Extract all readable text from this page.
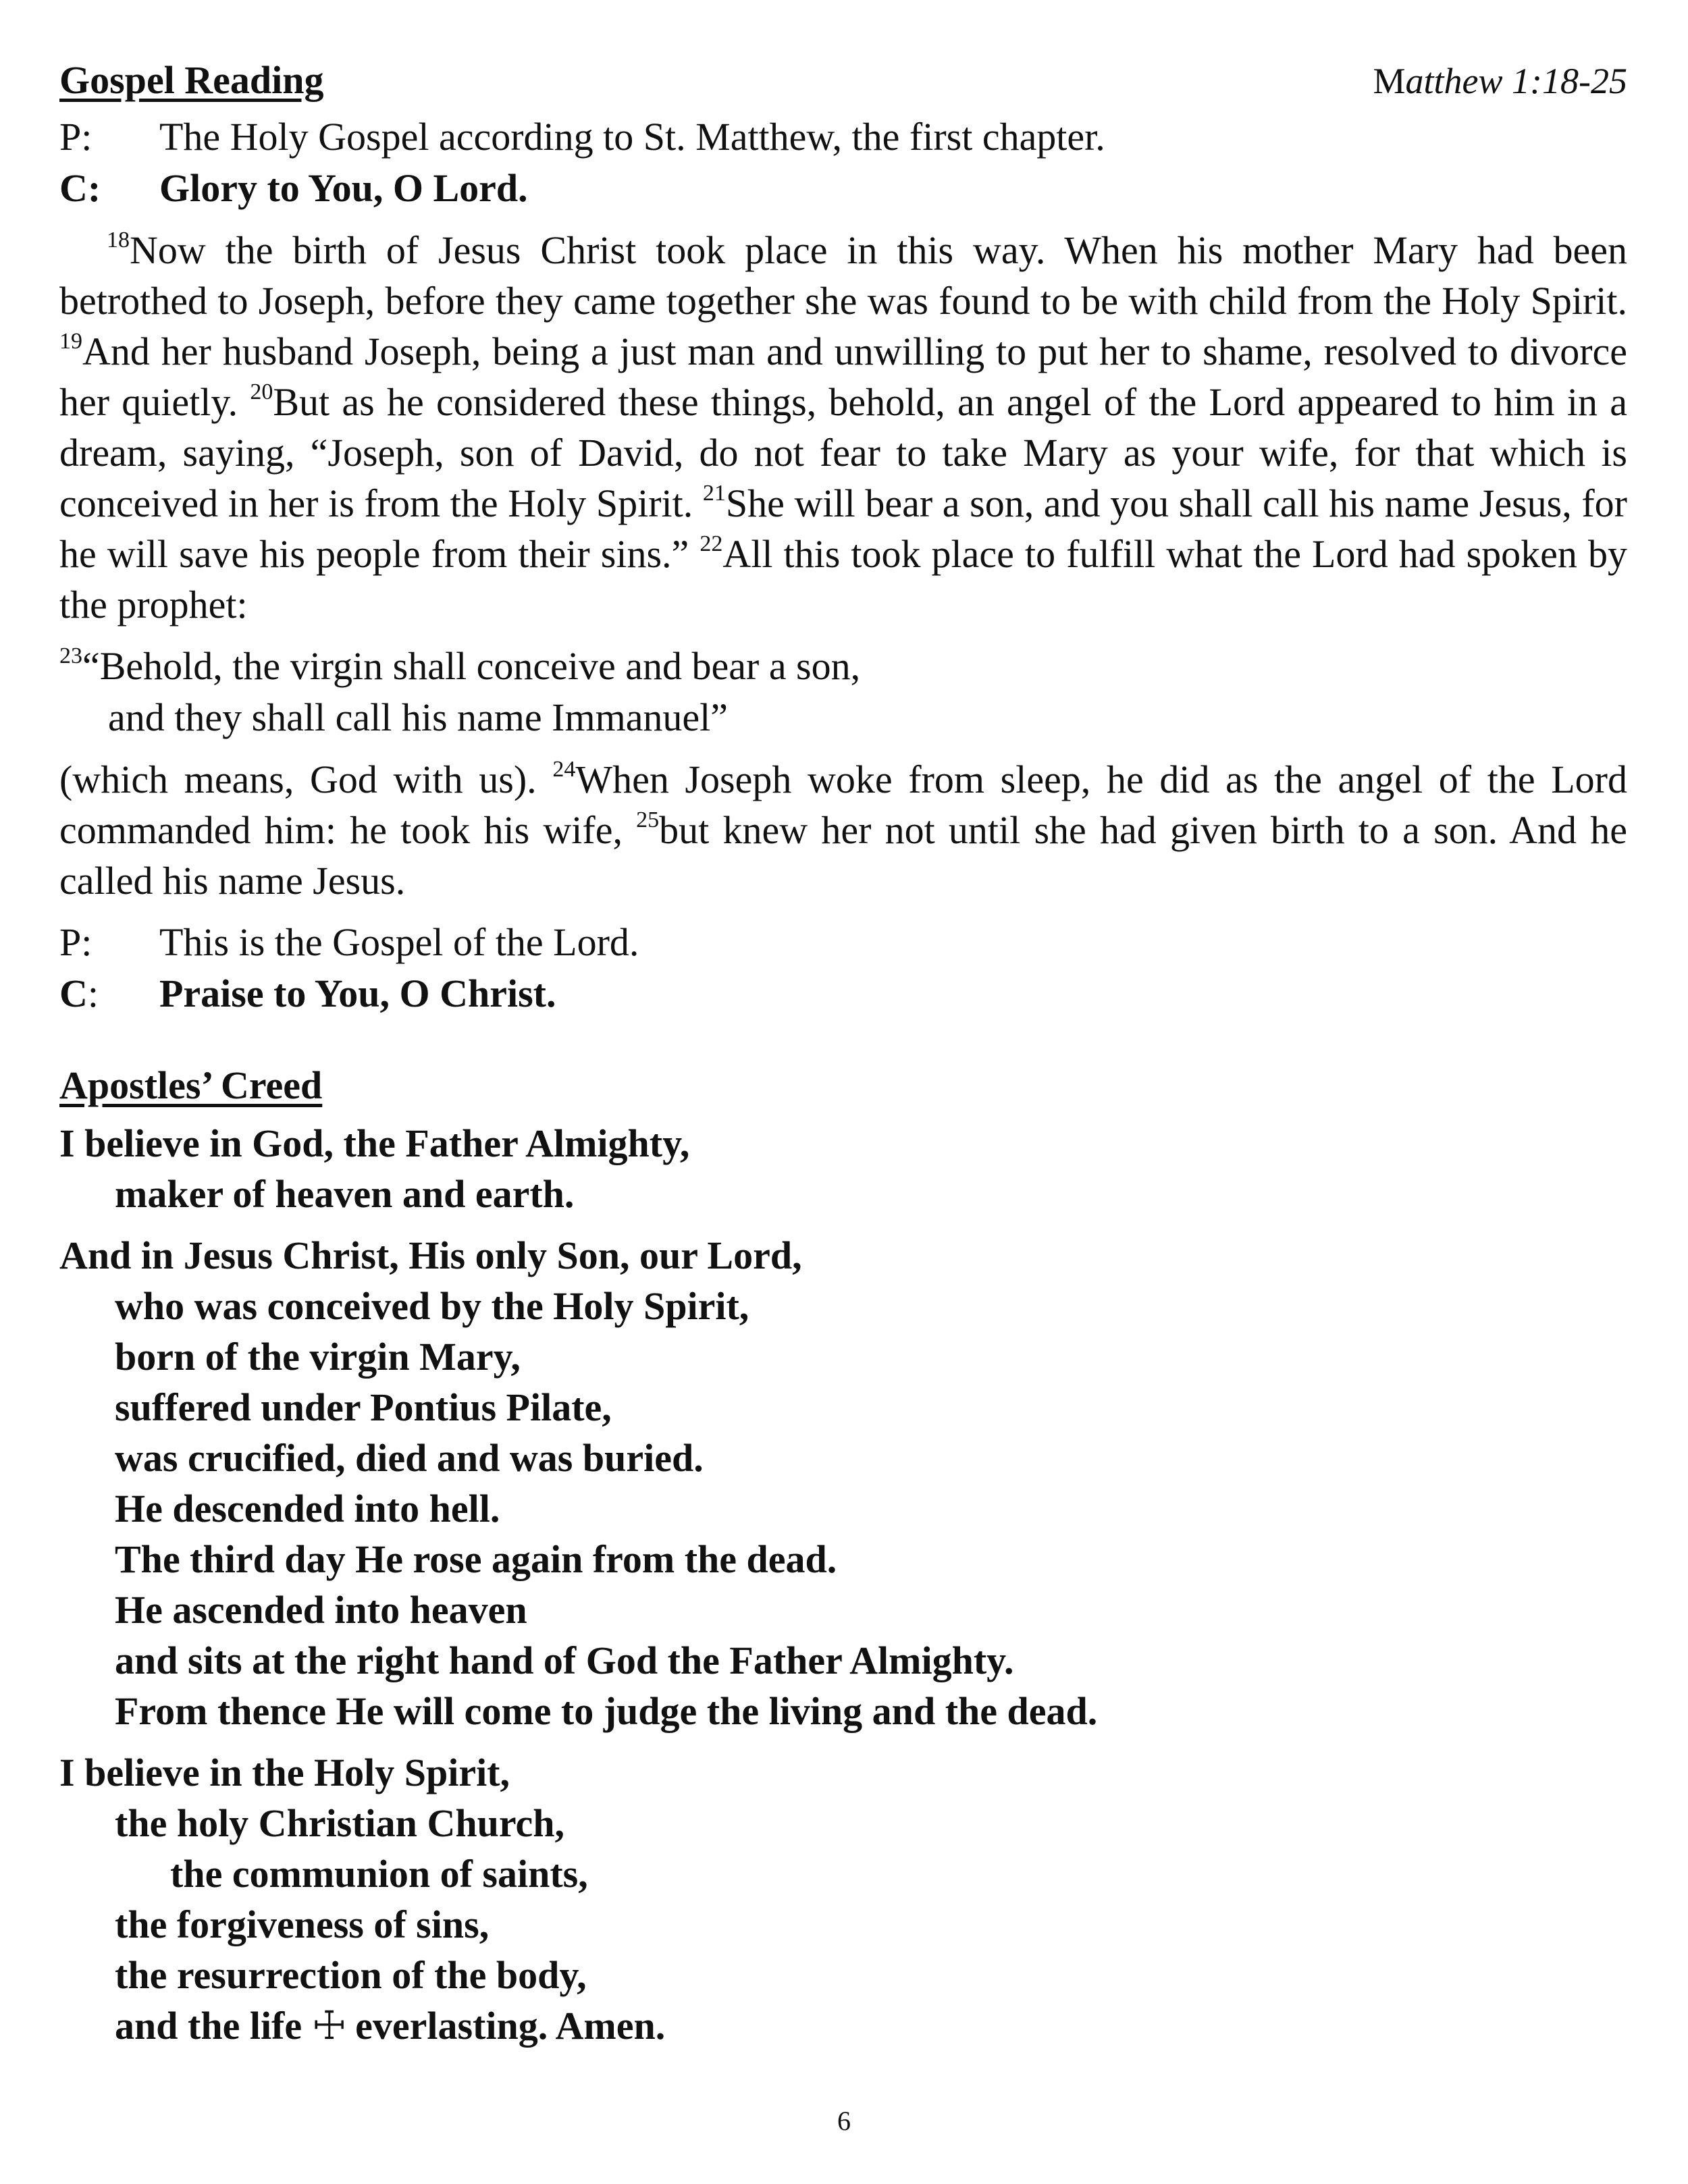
Gospel Reading	Matthew 1:18-25
P: The Holy Gospel according to St. Matthew, the first chapter.
C: Glory to You, O Lord.
$^{18}$Now the birth of Jesus Christ took place in this way. When his mother Mary had been betrothed to Joseph, before they came together she was found to be with child from the Holy Spirit. $^{19}$And her husband Joseph, being a just man and unwilling to put her to shame, resolved to divorce her quietly. $^{20}$But as he considered these things, behold, an angel of the Lord appeared to him in a dream, saying, “Joseph, son of David, do not fear to take Mary as your wife, for that which is conceived in her is from the Holy Spirit. $^{21}$She will bear a son, and you shall call his name Jesus, for he will save his people from their sins.” $^{22}$All this took place to fulfill what the Lord had spoken by the prophet:
$^{23}$“Behold, the virgin shall conceive and bear a son,
and they shall call his name Immanuel”
(which means, God with us). $^{24}$When Joseph woke from sleep, he did as the angel of the Lord commanded him: he took his wife, $^{25}$but knew her not until she had given birth to a son. And he called his name Jesus.
P: This is the Gospel of the Lord.
C: Praise to You, O Christ.
Apostles’ Creed
I believe in God, the Father Almighty,
maker of heaven and earth.
And in Jesus Christ, His only Son, our Lord,
who was conceived by the Holy Spirit,
born of the virgin Mary,
suffered under Pontius Pilate,
was crucified, died and was buried.
He descended into hell.
The third day He rose again from the dead.
He ascended into heaven
and sits at the right hand of God the Father Almighty.
From thence He will come to judge the living and the dead.
I believe in the Holy Spirit,
the holy Christian Church,
the communion of saints,
the forgiveness of sins,
the resurrection of the body,
and the life ☩ everlasting. Amen.
6
